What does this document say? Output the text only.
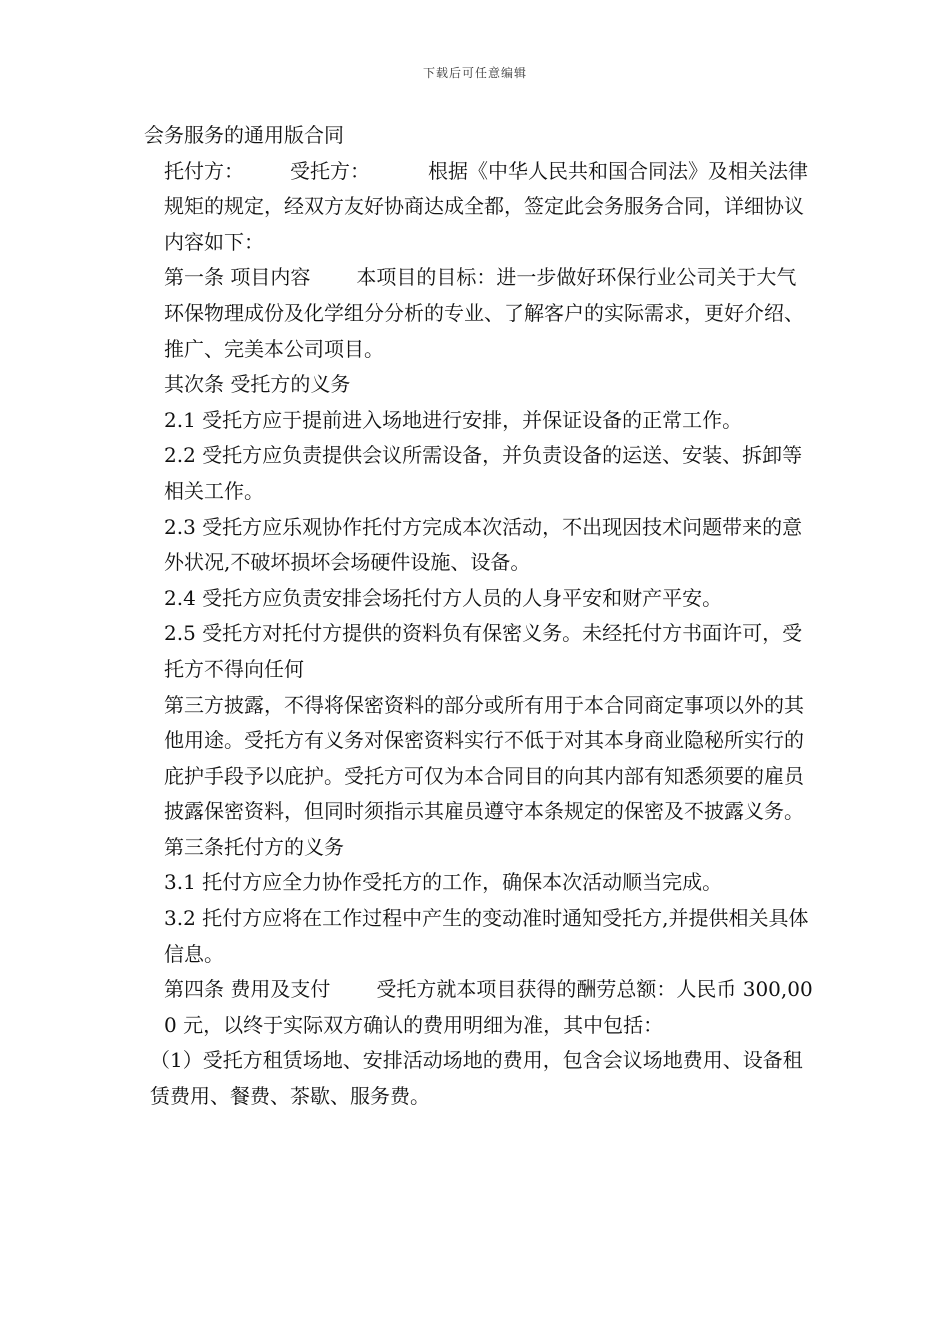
下载后可任意编辑

会务服务的通用版合同

托付方： 受托方：	根据《中华人民共和国合同法》及相关法律规矩的规定，经双方友好协商达成全都，签定此会务服务合同，详细协议内容如下：

第一条 项目内容 本项目的目标：进一步做好环保行业公司关于大气环保物理成份及化学组分分析的专业、了解客户的实际需求，更好介绍、推广、完美本公司项目。

其次条 受托方的义务

2.1 受托方应于提前进入场地进行安排，并保证设备的正常工作。

2.2 受托方应负责提供会议所需设备，并负责设备的运送、安装、拆卸等相关工作。

2.3 受托方应乐观协作托付方完成本次活动，不出现因技术问题带来的意外状况,不破坏损坏会场硬件设施、设备。

2.4 受托方应负责安排会场托付方人员的人身平安和财产平安。

2.5 受托方对托付方提供的资料负有保密义务。未经托付方书面许可，受托方不得向任何

第三方披露，不得将保密资料的部分或所有用于本合同商定事项以外的其他用途。受托方有义务对保密资料实行不低于对其本身商业隐秘所实行的庇护手段予以庇护。受托方可仅为本合同目的向其内部有知悉须要的雇员披露保密资料，但同时须指示其雇员遵守本条规定的保密及不披露义务。

第三条托付方的义务

3.1 托付方应全力协作受托方的工作，确保本次活动顺当完成。

3.2 托付方应将在工作过程中产生的变动准时通知受托方,并提供相关具体信息。

第四条 费用及支付 受托方就本项目获得的酬劳总额：人民币 300,000 元，以终于实际双方确认的费用明细为准，其中包括：

（1）受托方租赁场地、安排活动场地的费用，包含会议场地费用、设备租赁费用、餐费、茶歇、服务费。
